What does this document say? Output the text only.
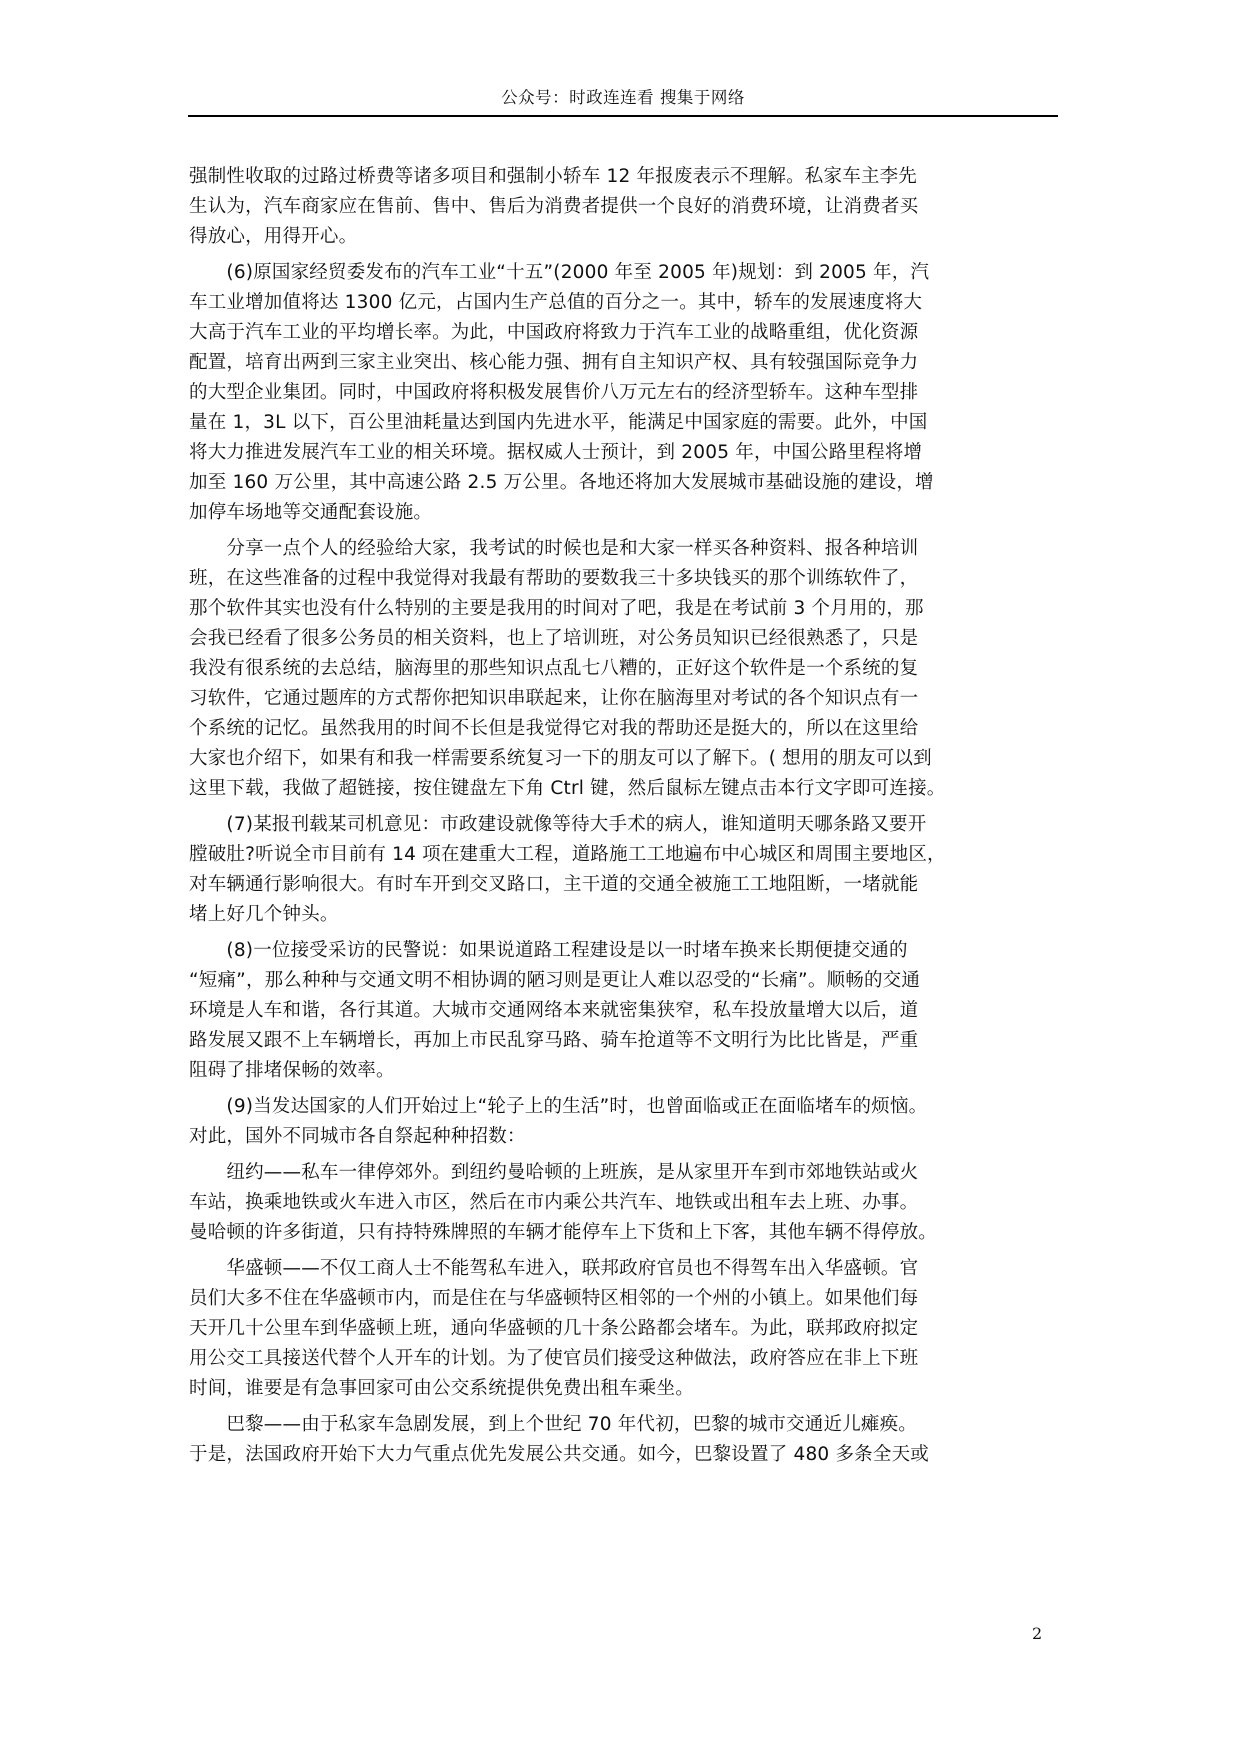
公众号：时政连连看 搜集于网络
强制性收取的过路过桥费等诸多项目和强制小轿车 12 年报废表示不理解。私家车主李先
生认为，汽车商家应在售前、售中、售后为消费者提供一个良好的消费环境，让消费者买
得放心，用得开心。
　　(6)原国家经贸委发布的汽车工业“十五”(2000 年至 2005 年)规划：到 2005 年，汽
车工业增加值将达 1300 亿元，占国内生产总值的百分之一。其中，轿车的发展速度将大
大高于汽车工业的平均增长率。为此，中国政府将致力于汽车工业的战略重组，优化资源
配置，培育出两到三家主业突出、核心能力强、拥有自主知识产权、具有较强国际竞争力
的大型企业集团。同时，中国政府将积极发展售价八万元左右的经济型轿车。这种车型排
量在 1，3L 以下，百公里油耗量达到国内先进水平，能满足中国家庭的需要。此外，中国
将大力推进发展汽车工业的相关环境。据权威人士预计，到 2005 年，中国公路里程将增
加至 160 万公里，其中高速公路 2.5 万公里。各地还将加大发展城市基础设施的建设，增
加停车场地等交通配套设施。
　　分享一点个人的经验给大家，我考试的时候也是和大家一样买各种资料、报各种培训
班，在这些准备的过程中我觉得对我最有帮助的要数我三十多块钱买的那个训练软件了，
那个软件其实也没有什么特别的主要是我用的时间对了吧，我是在考试前 3 个月用的，那
会我已经看了很多公务员的相关资料，也上了培训班，对公务员知识已经很熟悉了，只是
我没有很系统的去总结，脑海里的那些知识点乱七八糟的，正好这个软件是一个系统的复
习软件，它通过题库的方式帮你把知识串联起来，让你在脑海里对考试的各个知识点有一
个系统的记忆。虽然我用的时间不长但是我觉得它对我的帮助还是挺大的，所以在这里给
大家也介绍下，如果有和我一样需要系统复习一下的朋友可以了解下。( 想用的朋友可以到
这里下载，我做了超链接，按住键盘左下角 Ctrl 键，然后鼠标左键点击本行文字即可连接。
　　(7)某报刊载某司机意见：市政建设就像等待大手术的病人，谁知道明天哪条路又要开
膛破肚?听说全市目前有 14 项在建重大工程，道路施工工地遍布中心城区和周围主要地区，
对车辆通行影响很大。有时车开到交叉路口，主干道的交通全被施工工地阻断，一堵就能
堵上好几个钟头。
　　(8)一位接受采访的民警说：如果说道路工程建设是以一时堵车换来长期便捷交通的
“短痛”，那么种种与交通文明不相协调的陋习则是更让人难以忍受的“长痛”。顺畅的交通
环境是人车和谐，各行其道。大城市交通网络本来就密集狭窄，私车投放量增大以后，道
路发展又跟不上车辆增长，再加上市民乱穿马路、骑车抢道等不文明行为比比皆是，严重
阻碍了排堵保畅的效率。
　　(9)当发达国家的人们开始过上“轮子上的生活”时，也曾面临或正在面临堵车的烦恼。
对此，国外不同城市各自祭起种种招数：
　　纽约——私车一律停郊外。到纽约曼哈顿的上班族，是从家里开车到市郊地铁站或火
车站，换乘地铁或火车进入市区，然后在市内乘公共汽车、地铁或出租车去上班、办事。
曼哈顿的许多街道，只有持特殊牌照的车辆才能停车上下货和上下客，其他车辆不得停放。
　　华盛顿——不仅工商人士不能驾私车进入，联邦政府官员也不得驾车出入华盛顿。官
员们大多不住在华盛顿市内，而是住在与华盛顿特区相邻的一个州的小镇上。如果他们每
天开几十公里车到华盛顿上班，通向华盛顿的几十条公路都会堵车。为此，联邦政府拟定
用公交工具接送代替个人开车的计划。为了使官员们接受这种做法，政府答应在非上下班
时间，谁要是有急事回家可由公交系统提供免费出租车乘坐。
　　巴黎——由于私家车急剧发展，到上个世纪 70 年代初，巴黎的城市交通近儿瘫痪。
于是，法国政府开始下大力气重点优先发展公共交通。如今，巴黎设置了 480 多条全天或
2
